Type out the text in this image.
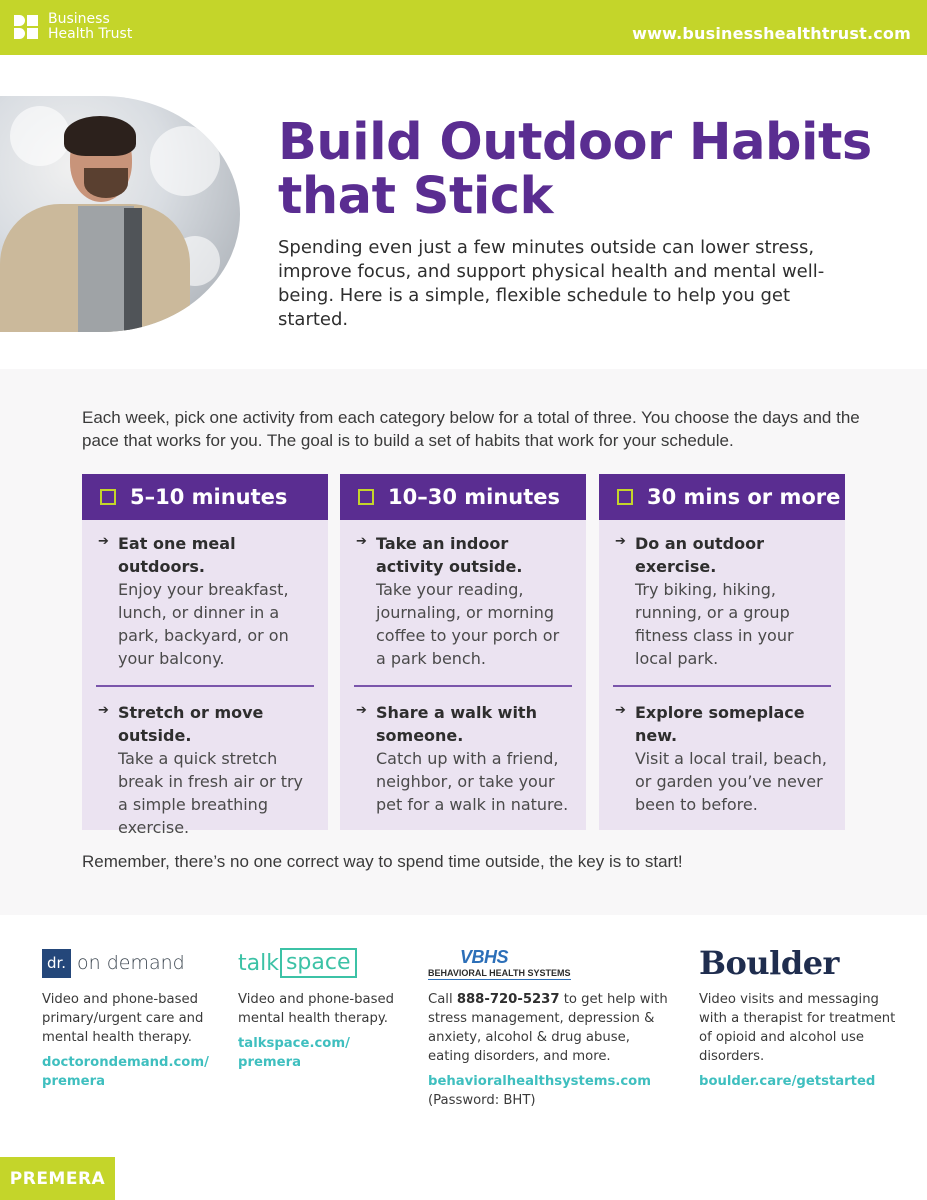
Business
Health Trust	www.businesshealthtrust.com
Build Outdoor Habits that Stick

Spending even just a few minutes outside can lower stress, improve focus, and support physical health and mental well-being. Here is a simple, flexible schedule to help you get started.

Each week, pick one activity from each category below for a total of three. You choose the days and the pace that works for you. The goal is to build a set of habits that work for your schedule.

5–10 minutes
➔ Eat one meal outdoors.
Enjoy your breakfast, lunch, or dinner in a park, backyard, or on your balcony.
➔ Stretch or move outside.
Take a quick stretch break in fresh air or try a simple breathing exercise.
10–30 minutes
➔ Take an indoor activity outside.
Take your reading, journaling, or morning coffee to your porch or a park bench.
➔ Share a walk with someone.
Catch up with a friend, neighbor, or take your pet for a walk in nature.
30 mins or more
➔ Do an outdoor exercise.
Try biking, hiking, running, or a group fitness class in your local park.
➔ Explore someplace new.
Visit a local trail, beach, or garden you’ve never been to before.

Remember, there’s no one correct way to spend time outside, the key is to start!

dr. on demand
Video and phone-based primary/urgent care and mental health therapy.
doctorondemand.com/ premera
talk space
Video and phone-based mental health therapy.
talkspace.com/ premera
VBHS
BEHAVIORAL HEALTH SYSTEMS
Call 888-720-5237 to get help with stress management, depression & anxiety, alcohol & drug abuse, eating disorders, and more.
behavioralhealthsystems.com
(Password: BHT)
Boulder
Video visits and messaging with a therapist for treatment of opioid and alcohol use disorders.
boulder.care/getstarted
PREMERA
